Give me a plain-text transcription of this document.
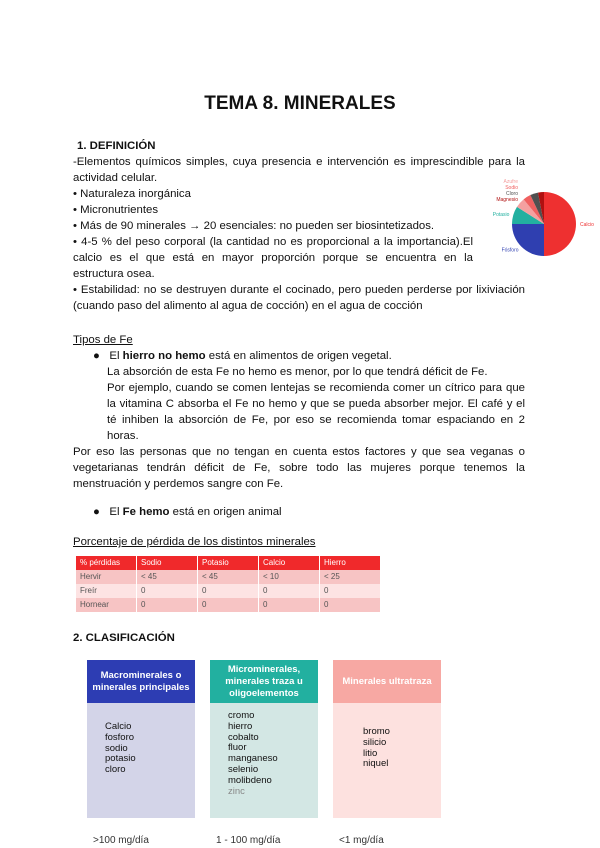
TEMA 8. MINERALES
1. DEFINICIÓN
-Elementos químicos simples, cuya presencia e intervención es imprescindible para la actividad celular.
• Naturaleza inorgánica
• Micronutrientes
• Más de 90 minerales → 20 esenciales: no pueden ser biosintetizados.
• 4-5 % del peso corporal (la cantidad no es proporcional a la importancia).El calcio es el que está en mayor proporción porque se encuentra en la estructura osea.
• Estabilidad: no se destruyen durante el cocinado, pero pueden perderse por lixiviación (cuando paso del alimento al agua de cocción) en el agua de cocción
Tipos de Fe
●   El hierro no hemo está en alimentos de origen vegetal.
La absorción de esta Fe no hemo es menor, por lo que tendrá déficit de Fe.
Por ejemplo, cuando se comen lentejas se recomienda comer un cítrico para que la vitamina C absorba el Fe no hemo y que se pueda absorber mejor. El café y el té inhiben la absorción de Fe, por eso se recomienda tomar espaciando en 2 horas.
Por eso las personas que no tengan en cuenta estos factores y que sea veganas o vegetarianas tendrán déficit de Fe, sobre todo las mujeres porque tenemos la menstruación y perdemos sangre con Fe.
●   El Fe hemo está en origen animal
Porcentaje de pérdida de los distintos minerales
% pérdidas	Sodio	Potasio	Calcio	Hierro
Hervir	< 45	< 45	< 10	< 25
Freír	0	0	0	0
Hornear	0	0	0	0
2. CLASIFICACIÓN
Macrominerales o minerales principales
Calcio
fosforo
sodio
potasio
cloro
>100 mg/día
Microminerales, minerales traza u oligoelementos
cromo
hierro
cobalto
fluor
manganeso
selenio
molibdeno
zinc
1 - 100 mg/día
Minerales ultratraza
bromo
silicio
litio
niquel
<1 mg/día
Calcio
Fósforo
Potasio
Azufre
Sodio
Cloro
Magnesio
